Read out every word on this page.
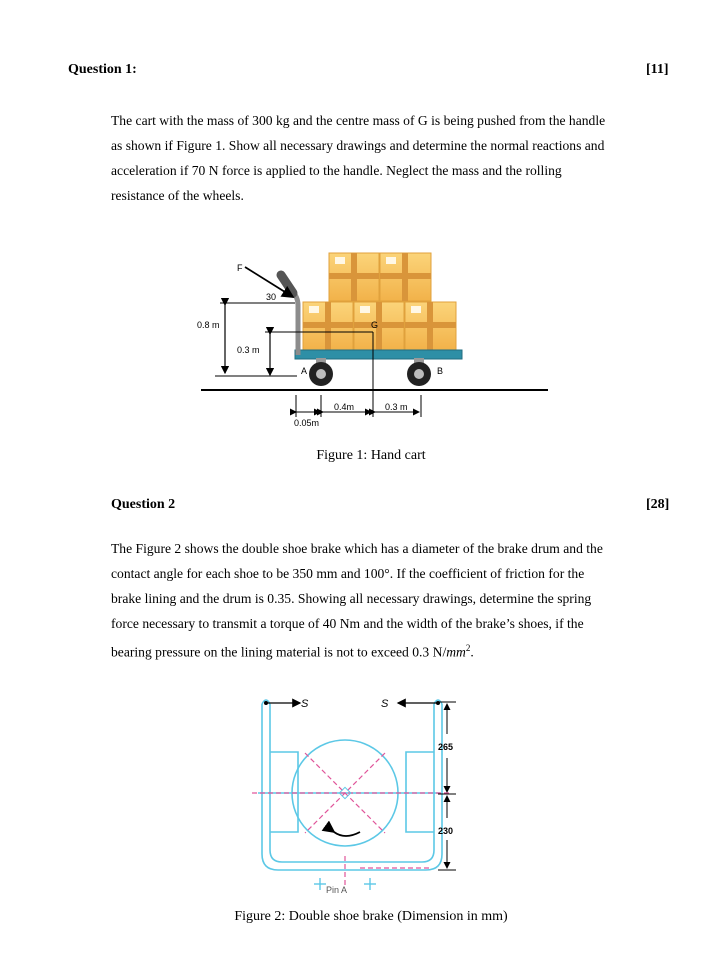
Question 1:	[11]
The cart with the mass of 300 kg and the centre mass of G is being pushed from the handle
as shown if Figure 1. Show all necessary drawings and determine the normal reactions and
acceleration if 70 N force is applied to the handle. Neglect the mass and the rolling
resistance of the wheels.
F
30
G
0.8 m
0.3 m
A	B
0.4m	0.3 m
0.05m
Figure 1: Hand cart
Question 2	[28]
The Figure 2 shows the double shoe brake which has a diameter of the brake drum and the
contact angle for each shoe to be 350 mm and 100°. If the coefficient of friction for the
brake lining and the drum is 0.35. Showing all necessary drawings, determine the spring
force necessary to transmit a torque of 40 Nm and the width of the brake’s shoes, if the
bearing pressure on the lining material is not to exceed 0.3 $N/mm^2$.
S	S
265
230
Pin A
Figure 2: Double shoe brake (Dimension in mm)
